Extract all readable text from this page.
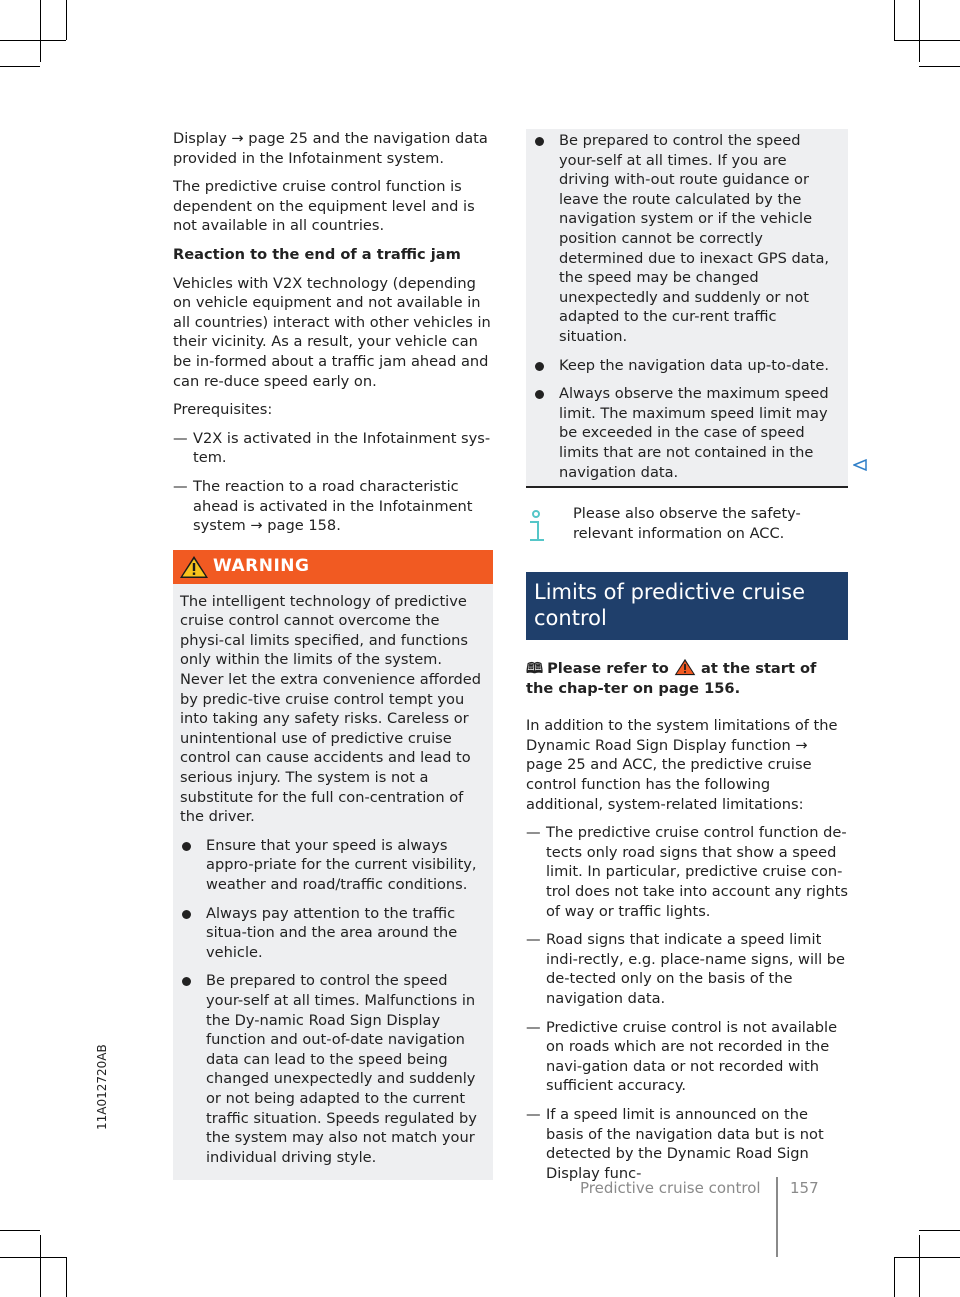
11A012720AB

Display → page 25 and the navigation data provided in the Infotainment system.

The predictive cruise control function is dependent on the equipment level and is not available in all countries.

Reaction to the end of a traffic jam

Vehicles with V2X technology (depending on vehicle equipment and not available in all countries) interact with other vehicles in their vicinity. As a result, your vehicle can be in-formed about a traffic jam ahead and can re-duce speed early on.

Prerequisites:

— V2X is activated in the Infotainment sys-tem.
— The reaction to a road characteristic ahead is activated in the Infotainment system → page 158.
WARNING

The intelligent technology of predictive cruise control cannot overcome the physi-cal limits specified, and functions only within the limits of the system. Never let the extra convenience afforded by predic-tive cruise control tempt you into taking any safety risks. Careless or unintentional use of predictive cruise control can cause accidents and lead to serious injury. The system is not a substitute for the full con-centration of the driver.

Ensure that your speed is always appro-priate for the current visibility, weather and road/traffic conditions.
Always pay attention to the traffic situa-tion and the area around the vehicle.
Be prepared to control the speed your-self at all times. Malfunctions in the Dy-namic Road Sign Display function and out-of-date navigation data can lead to the speed being changed unexpectedly and suddenly or not being adapted to the current traffic situation. Speeds regulated by the system may also not match your individual driving style.
Be prepared to control the speed your-self at all times. If you are driving with-out route guidance or leave the route calculated by the navigation system or if the vehicle position cannot be correctly determined due to inexact GPS data, the speed may be changed unexpectedly and suddenly or not adapted to the cur-rent traffic situation.
Keep the navigation data up-to-date.
Always observe the maximum speed limit. The maximum speed limit may be exceeded in the case of speed limits that are not contained in the navigation data.
Please also observe the safety-relevant information on ACC.
Limits of predictive cruise control

🕮 Please refer to at the start of the chap-ter on page 156.

In addition to the system limitations of the Dynamic Road Sign Display function → page 25 and ACC, the predictive cruise control function has the following additional, system-related limitations:

— The predictive cruise control function de-tects only road signs that show a speed limit. In particular, predictive cruise con-trol does not take into account any rights of way or traffic lights.
— Road signs that indicate a speed limit indi-rectly, e.g. place-name signs, will be de-tected only on the basis of the navigation data.
— Predictive cruise control is not available on roads which are not recorded in the navi-gation data or not recorded with sufficient accuracy.
— If a speed limit is announced on the basis of the navigation data but is not detected by the Dynamic Road Sign Display func-
Predictive cruise control 157
